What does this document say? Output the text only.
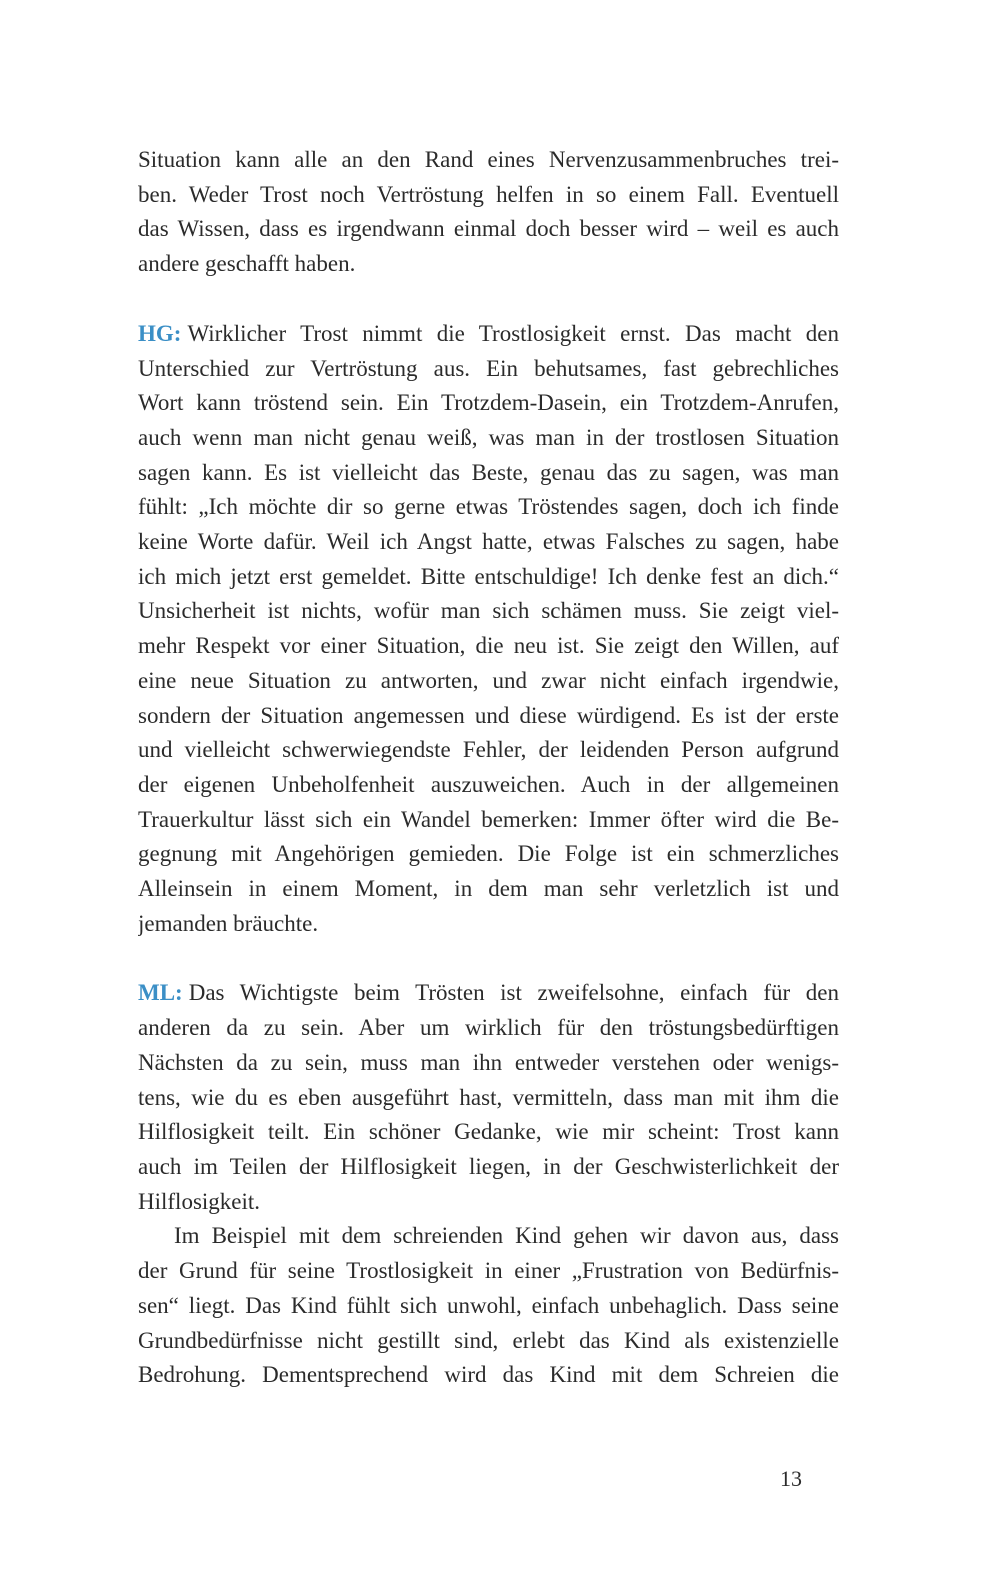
Situation kann alle an den Rand eines Nervenzusammenbruches trei-
ben. Weder Trost noch Vertröstung helfen in so einem Fall. Eventuell
das Wissen, dass es irgendwann einmal doch besser wird – weil es auch
andere geschafft haben.
HG: Wirklicher Trost nimmt die Trostlosigkeit ernst. Das macht den
Unterschied zur Vertröstung aus. Ein behutsames, fast gebrechliches
Wort kann tröstend sein. Ein Trotzdem-Dasein, ein Trotzdem-Anrufen,
auch wenn man nicht genau weiß, was man in der trostlosen Situation
sagen kann. Es ist vielleicht das Beste, genau das zu sagen, was man
fühlt: „Ich möchte dir so gerne etwas Tröstendes sagen, doch ich finde
keine Worte dafür. Weil ich Angst hatte, etwas Falsches zu sagen, habe
ich mich jetzt erst gemeldet. Bitte entschuldige! Ich denke fest an dich.“
Unsicherheit ist nichts, wofür man sich schämen muss. Sie zeigt viel-
mehr Respekt vor einer Situation, die neu ist. Sie zeigt den Willen, auf
eine neue Situation zu antworten, und zwar nicht einfach irgendwie,
sondern der Situation angemessen und diese würdigend. Es ist der erste
und vielleicht schwerwiegendste Fehler, der leidenden Person aufgrund
der eigenen Unbeholfenheit auszuweichen. Auch in der allgemeinen
Trauerkultur lässt sich ein Wandel bemerken: Immer öfter wird die Be-
gegnung mit Angehörigen gemieden. Die Folge ist ein schmerzliches
Alleinsein in einem Moment, in dem man sehr verletzlich ist und
jemanden bräuchte.
ML: Das Wichtigste beim Trösten ist zweifelsohne, einfach für den
anderen da zu sein. Aber um wirklich für den tröstungsbedürftigen
Nächsten da zu sein, muss man ihn entweder verstehen oder wenigs-
tens, wie du es eben ausgeführt hast, vermitteln, dass man mit ihm die
Hilflosigkeit teilt. Ein schöner Gedanke, wie mir scheint: Trost kann
auch im Teilen der Hilflosigkeit liegen, in der Geschwisterlichkeit der
Hilflosigkeit.
Im Beispiel mit dem schreienden Kind gehen wir davon aus, dass
der Grund für seine Trostlosigkeit in einer „Frustration von Bedürfnis-
sen“ liegt. Das Kind fühlt sich unwohl, einfach unbehaglich. Dass seine
Grundbedürfnisse nicht gestillt sind, erlebt das Kind als existenzielle
Bedrohung. Dementsprechend wird das Kind mit dem Schreien die
13
